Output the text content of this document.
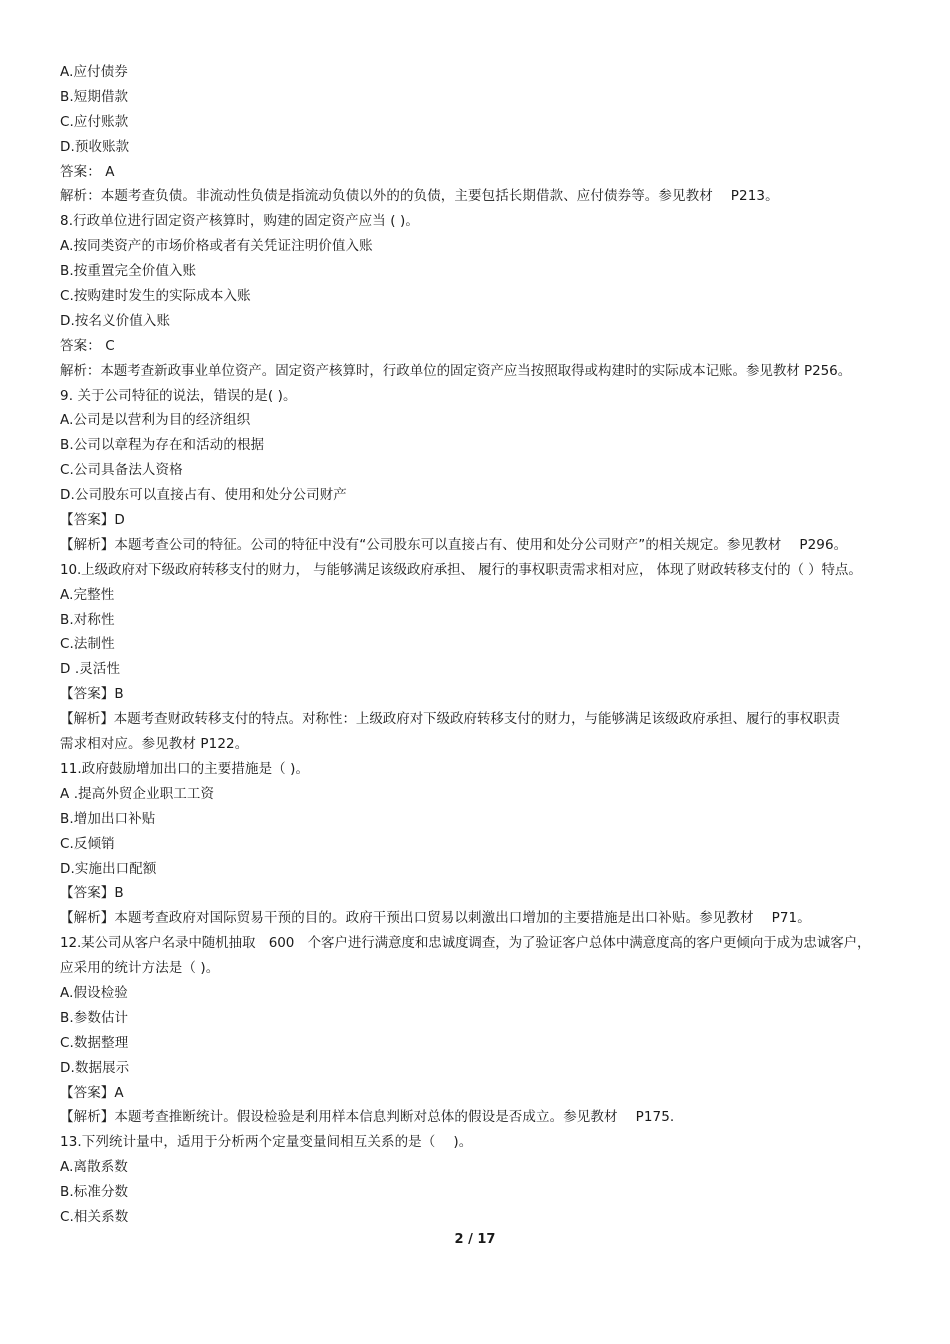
A.应付债券
B.短期借款
C.应付账款
D.预收账款
答案： A
解析：本题考查负债。非流动性负债是指流动负债以外的的负债，主要包括长期借款、应付债券等。参见教材　 P213。
8.行政单位进行固定资产核算时，购建的固定资产应当 ( )。
A.按同类资产的市场价格或者有关凭证注明价值入账
B.按重置完全价值入账
C.按购建时发生的实际成本入账
D.按名义价值入账
答案： C
解析：本题考查新政事业单位资产。固定资产核算时，行政单位的固定资产应当按照取得或构建时的实际成本记账。参见教材 P256。
9. 关于公司特征的说法，错误的是( )。
A.公司是以营利为目的经济组织
B.公司以章程为存在和活动的根据
C.公司具备法人资格
D.公司股东可以直接占有、使用和处分公司财产
【答案】D
【解析】本题考查公司的特征。公司的特征中没有“公司股东可以直接占有、使用和处分公司财产”的相关规定。参见教材　 P296。
10.上级政府对下级政府转移支付的财力， 与能够满足该级政府承担、 履行的事权职责需求相对应， 体现了财政转移支付的（ ）特点。
A.完整性
B.对称性
C.法制性
D .灵活性
【答案】B
【解析】本题考查财政转移支付的特点。对称性：上级政府对下级政府转移支付的财力，与能够满足该级政府承担、履行的事权职责
需求相对应。参见教材 P122。
11.政府鼓励增加出口的主要措施是（ )。
A .提高外贸企业职工工资
B.增加出口补贴
C.反倾销
D.实施出口配额
【答案】B
【解析】本题考查政府对国际贸易干预的目的。政府干预出口贸易以刺激出口增加的主要措施是出口补贴。参见教材　 P71。
12.某公司从客户名录中随机抽取　600　个客户进行满意度和忠诚度调查，为了验证客户总体中满意度高的客户更倾向于成为忠诚客户，
应采用的统计方法是（ )。
A.假设检验
B.参数估计
C.数据整理
D.数据展示
【答案】A
【解析】本题考查推断统计。假设检验是利用样本信息判断对总体的假设是否成立。参见教材　 P175.
13.下列统计量中，适用于分析两个定量变量间相互关系的是（　 )。
A.离散系数
B.标准分数
C.相关系数
2 / 17
